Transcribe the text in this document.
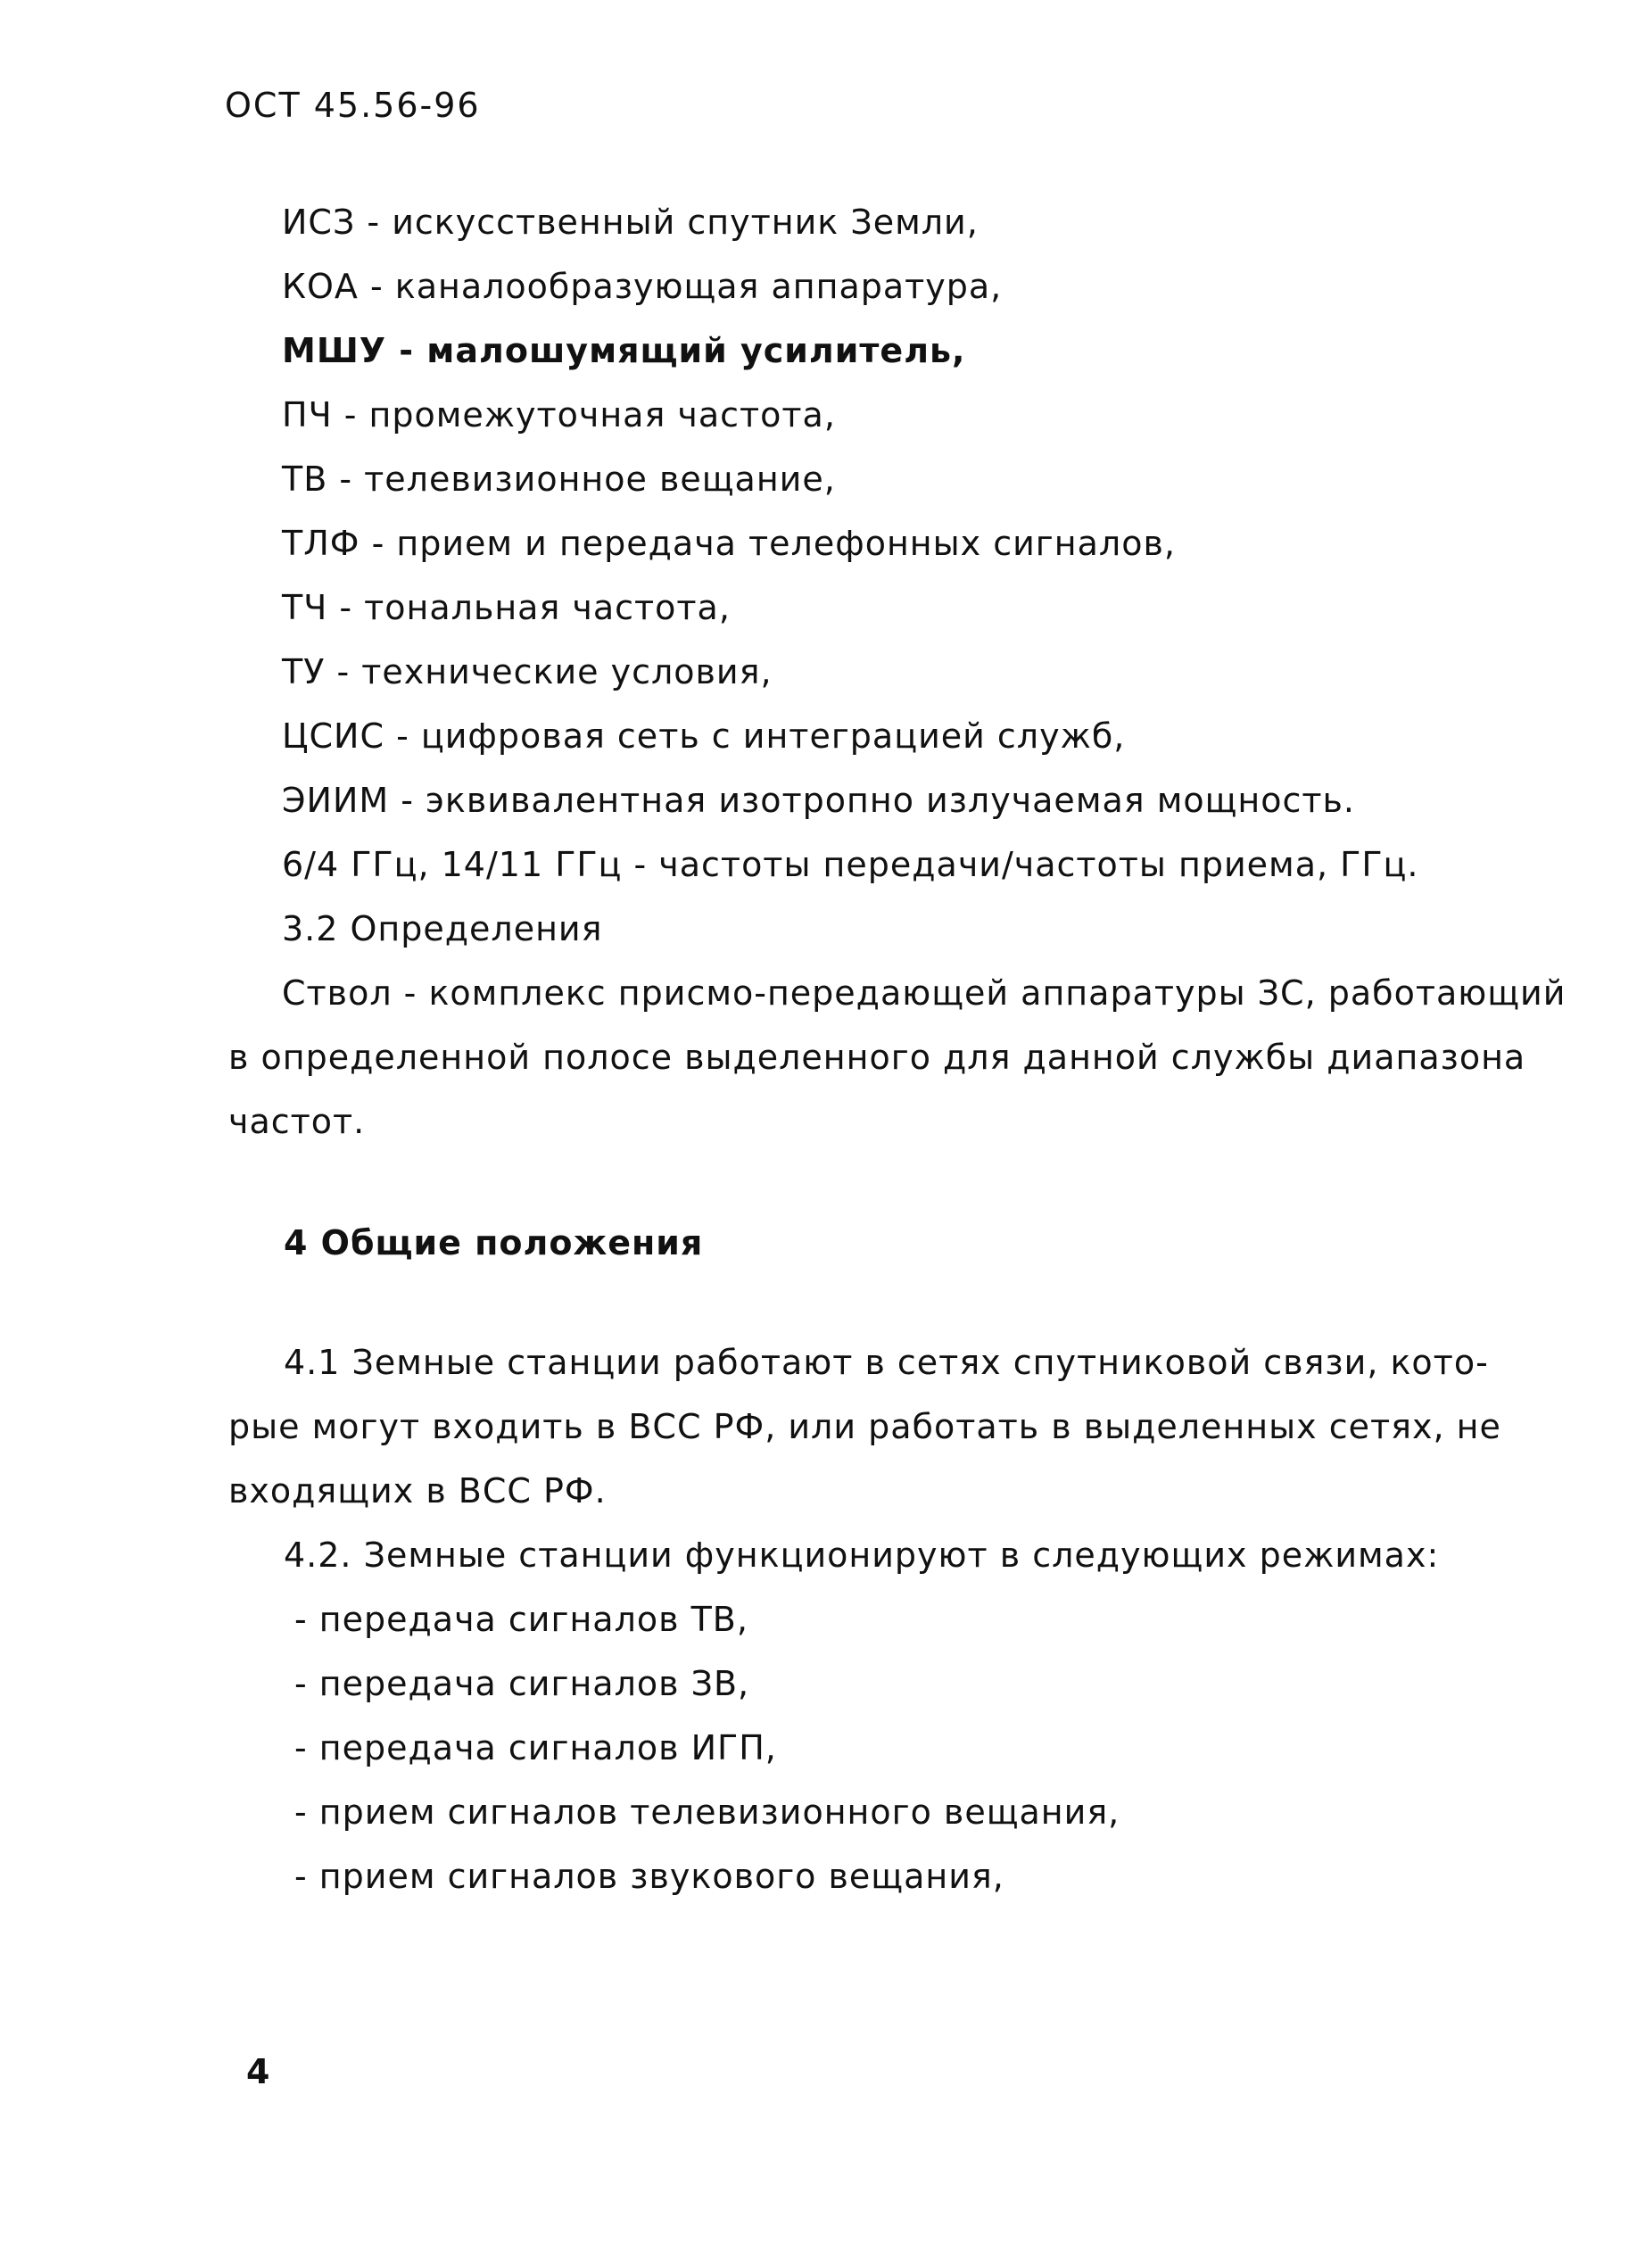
ОСТ 45.56-96
ИСЗ - искусственный спутник Земли,
КОА - каналообразующая аппаратура,
МШУ - малошумящий усилитель,
ПЧ - промежуточная частота,
ТВ - телевизионное вещание,
ТЛФ - прием и передача телефонных сигналов,
ТЧ - тональная частота,
ТУ - технические условия,
ЦСИС - цифровая сеть с интеграцией служб,
ЭИИМ - эквивалентная изотропно излучаемая мощность.
6/4 ГГц, 14/11 ГГц - частоты передачи/частоты приема, ГГц.
3.2 Определения
Ствол - комплекс присмо-передающей аппаратуры ЗС, работающий
в определенной полосе выделенного для данной службы диапазона
частот.
4 Общие положения
4.1 Земные станции работают в сетях спутниковой связи, кото-
рые могут входить в ВСС РФ, или работать в выделенных сетях, не
входящих в ВСС РФ.
4.2. Земные станции функционируют в следующих режимах:
- передача сигналов ТВ,
- передача сигналов ЗВ,
- передача сигналов ИГП,
- прием сигналов телевизионного вещания,
- прием сигналов звукового вещания,
4
